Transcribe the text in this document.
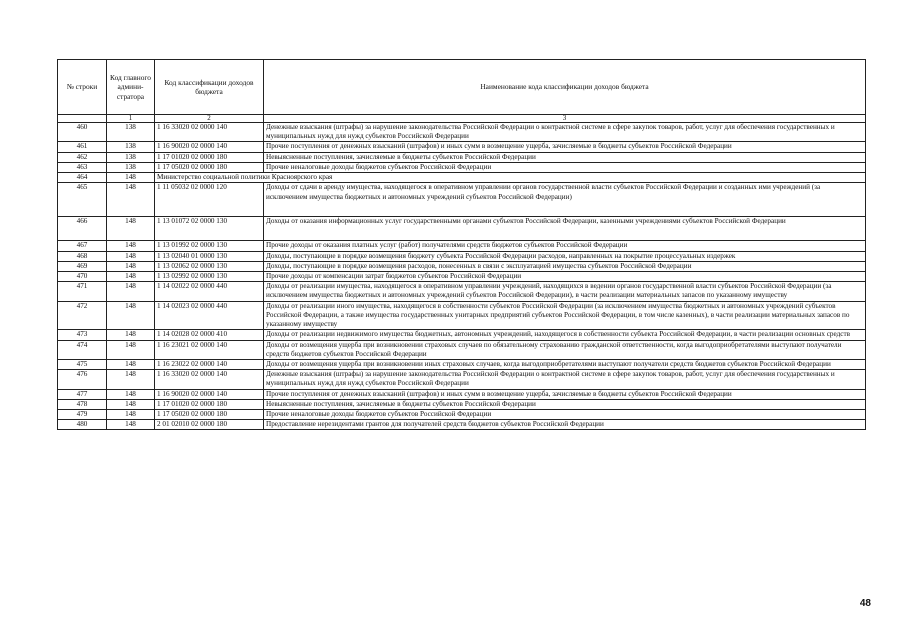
№ строки	Код главного админи-стратора	Код классификации доходов бюджета	Наименование кода классификации доходов бюджета
	1	2	3
460	138	1 16 33020 02 0000 140	Денежные взыскания (штрафы) за нарушение законодательства Российской Федерации о контрактной системе в сфере закупок товаров, работ, услуг для обеспечения государственных и муниципальных нужд для нужд субъектов Российской Федерации
461	138	1 16 90020 02 0000 140	Прочие поступления от денежных взысканий (штрафов) и иных сумм в возмещение ущерба, зачисляемые в бюджеты субъектов Российской Федерации
462	138	1 17 01020 02 0000 180	Невыясненные поступления, зачисляемые в бюджеты субъектов Российской Федерации
463	138	1 17 05020 02 0000 180	Прочие неналоговые доходы бюджетов субъектов Российской Федерации
464	148	Министерство социальной политики Красноярского края	
465	148	1 11 05032 02 0000 120	Доходы от сдачи в аренду имущества, находящегося в оперативном управлении органов государственной власти субъектов Российской Федерации и созданных ими учреждений (за исключением имущества бюджетных и автономных учреждений субъектов Российской Федерации)
466	148	1 13 01072 02 0000 130	Доходы от оказания информационных услуг государственными органами субъектов Российской Федерации, казенными учреждениями субъектов Российской Федерации
467	148	1 13 01992 02 0000 130	Прочие доходы от оказания платных услуг (работ) получателями средств бюджетов субъектов Российской Федерации
468	148	1 13 02040 01 0000 130	Доходы, поступающие в порядке возмещения бюджету субъекта Российской Федерации расходов, направленных на покрытие процессуальных издержек
469	148	1 13 02062 02 0000 130	Доходы, поступающие в порядке возмещения расходов, понесенных в связи с эксплуатацией имущества субъектов Российской Федерации
470	148	1 13 02992 02 0000 130	Прочие доходы от компенсации затрат бюджетов субъектов Российской Федерации
471	148	1 14 02022 02 0000 440	Доходы от реализации имущества, находящегося в оперативном управлении учреждений, находящихся в ведении органов государственной власти субъектов Российской Федерации (за исключением имущества бюджетных и автономных учреждений субъектов Российской Федерации), в части реализации материальных запасов по указанному имуществу
472	148	1 14 02023 02 0000 440	Доходы от реализации иного имущества, находящегося в собственности субъектов Российской Федерации (за исключением имущества бюджетных и автономных учреждений субъектов Российской Федерации, а также имущества государственных унитарных предприятий субъектов Российской Федерации, в том числе казенных), в части реализации материальных запасов по указанному имуществу
473	148	1 14 02028 02 0000 410	Доходы от реализации недвижимого имущества бюджетных, автономных учреждений, находящегося в собственности субъекта Российской Федерации, в части реализации основных средств
474	148	1 16 23021 02 0000 140	Доходы от возмещения ущерба при возникновении страховых случаев по обязательному страхованию гражданской ответственности, когда выгодоприобретателями выступают получатели средств бюджетов субъектов Российской Федерации
475	148	1 16 23022 02 0000 140	Доходы от возмещения ущерба при возникновении иных страховых случаев, когда выгодоприобретателями выступают получатели средств бюджетов субъектов Российской Федерации
476	148	1 16 33020 02 0000 140	Денежные взыскания (штрафы) за нарушение законодательства Российской Федерации о контрактной системе в сфере закупок товаров, работ, услуг для обеспечения государственных и муниципальных нужд для нужд субъектов Российской Федерации
477	148	1 16 90020 02 0000 140	Прочие поступления от денежных взысканий (штрафов) и иных сумм в возмещение ущерба, зачисляемые в бюджеты субъектов Российской Федерации
478	148	1 17 01020 02 0000 180	Невыясненные поступления, зачисляемые в бюджеты субъектов Российской Федерации
479	148	1 17 05020 02 0000 180	Прочие неналоговые доходы бюджетов субъектов Российской Федерации
480	148	2 01 02010 02 0000 180	Предоставление нерезидентами грантов для получателей средств бюджетов субъектов Российской Федерации
48
